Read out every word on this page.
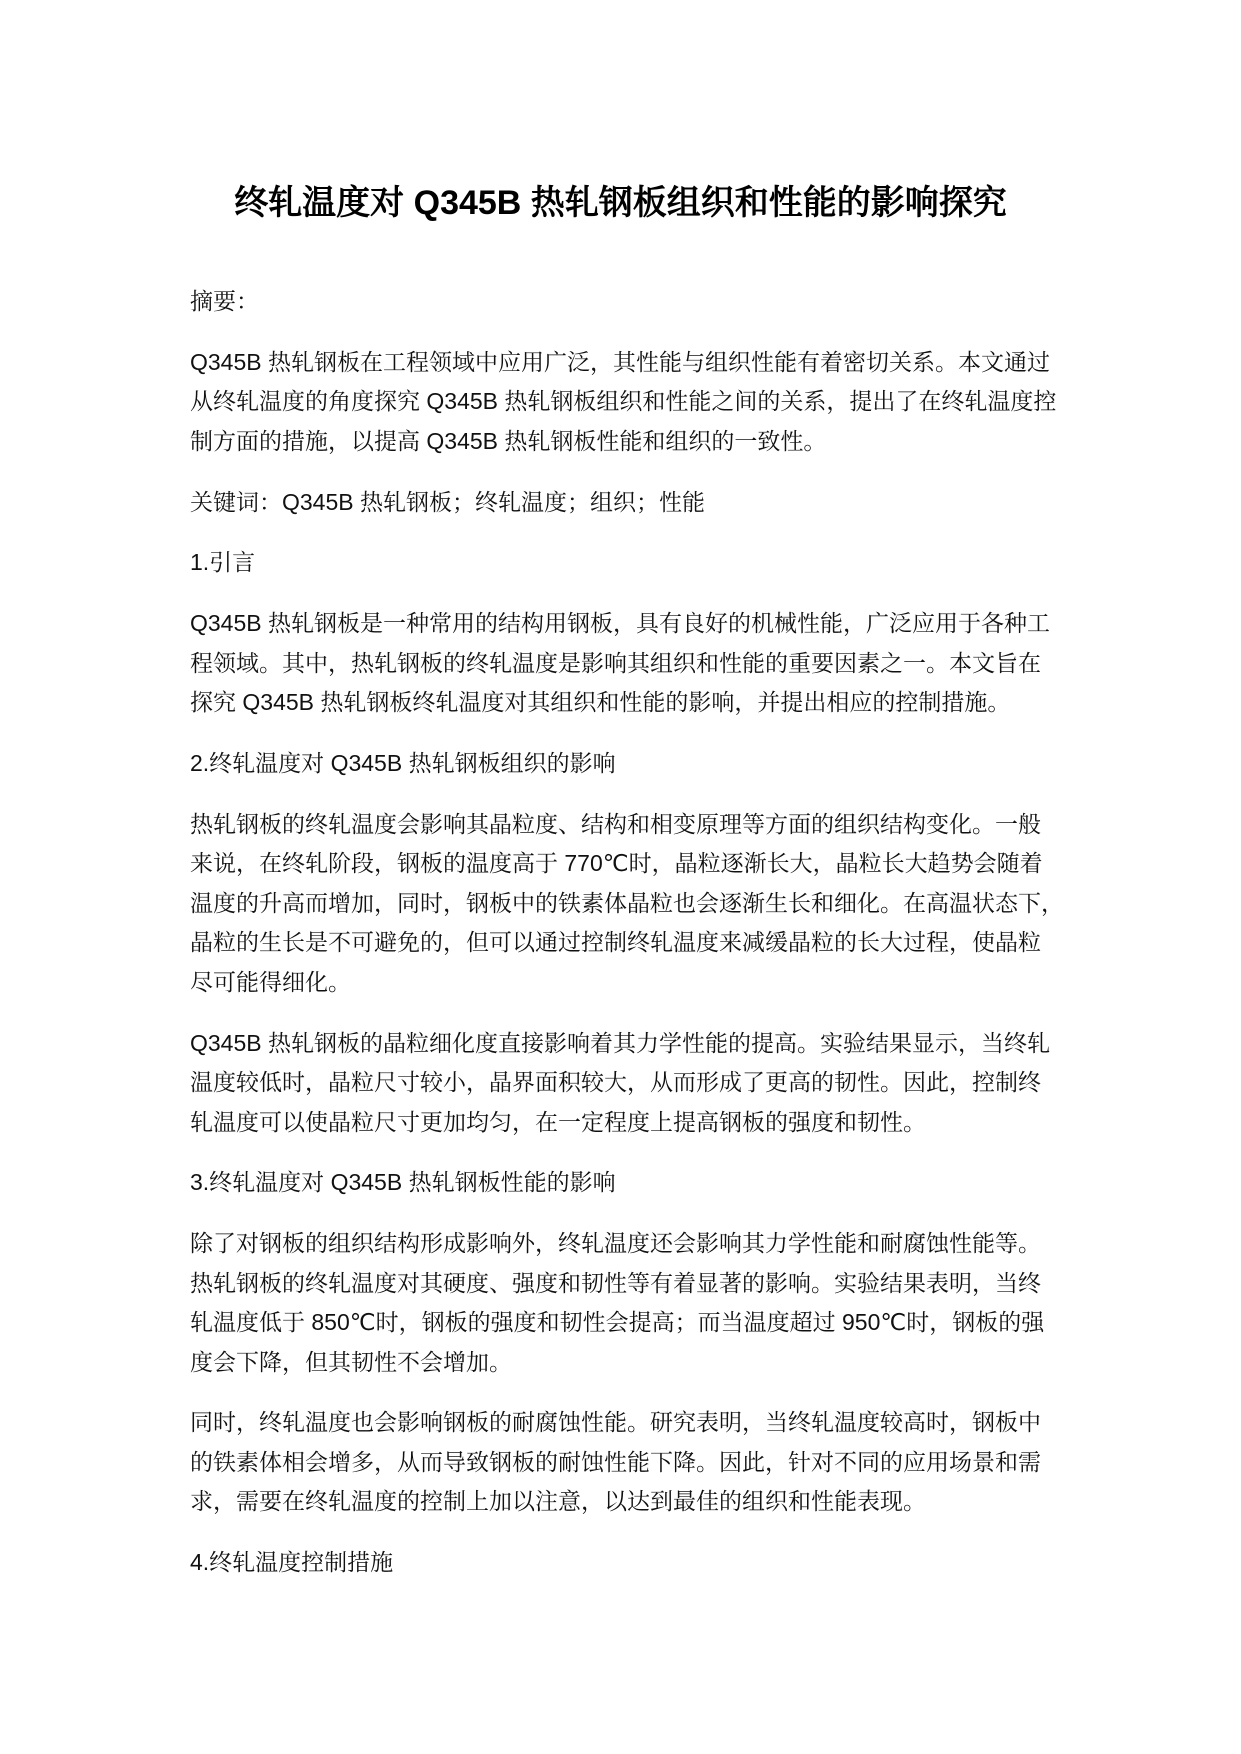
终轧温度对 Q345B 热轧钢板组织和性能的影响探究
摘要：
Q345B 热轧钢板在工程领域中应用广泛，其性能与组织性能有着密切关系。本文通过
从终轧温度的角度探究 Q345B 热轧钢板组织和性能之间的关系，提出了在终轧温度控
制方面的措施，以提高 Q345B 热轧钢板性能和组织的一致性。
关键词：Q345B 热轧钢板；终轧温度；组织；性能
1.引言
Q345B 热轧钢板是一种常用的结构用钢板，具有良好的机械性能，广泛应用于各种工
程领域。其中，热轧钢板的终轧温度是影响其组织和性能的重要因素之一。本文旨在
探究 Q345B 热轧钢板终轧温度对其组织和性能的影响，并提出相应的控制措施。
2.终轧温度对 Q345B 热轧钢板组织的影响
热轧钢板的终轧温度会影响其晶粒度、结构和相变原理等方面的组织结构变化。一般
来说，在终轧阶段，钢板的温度高于 770℃时，晶粒逐渐长大，晶粒长大趋势会随着
温度的升高而增加，同时，钢板中的铁素体晶粒也会逐渐生长和细化。在高温状态下，
晶粒的生长是不可避免的，但可以通过控制终轧温度来减缓晶粒的长大过程，使晶粒
尽可能得细化。
Q345B 热轧钢板的晶粒细化度直接影响着其力学性能的提高。实验结果显示，当终轧
温度较低时，晶粒尺寸较小，晶界面积较大，从而形成了更高的韧性。因此，控制终
轧温度可以使晶粒尺寸更加均匀，在一定程度上提高钢板的强度和韧性。
3.终轧温度对 Q345B 热轧钢板性能的影响
除了对钢板的组织结构形成影响外，终轧温度还会影响其力学性能和耐腐蚀性能等。
热轧钢板的终轧温度对其硬度、强度和韧性等有着显著的影响。实验结果表明，当终
轧温度低于 850℃时，钢板的强度和韧性会提高；而当温度超过 950℃时，钢板的强
度会下降，但其韧性不会增加。
同时，终轧温度也会影响钢板的耐腐蚀性能。研究表明，当终轧温度较高时，钢板中
的铁素体相会增多，从而导致钢板的耐蚀性能下降。因此，针对不同的应用场景和需
求，需要在终轧温度的控制上加以注意，以达到最佳的组织和性能表现。
4.终轧温度控制措施
